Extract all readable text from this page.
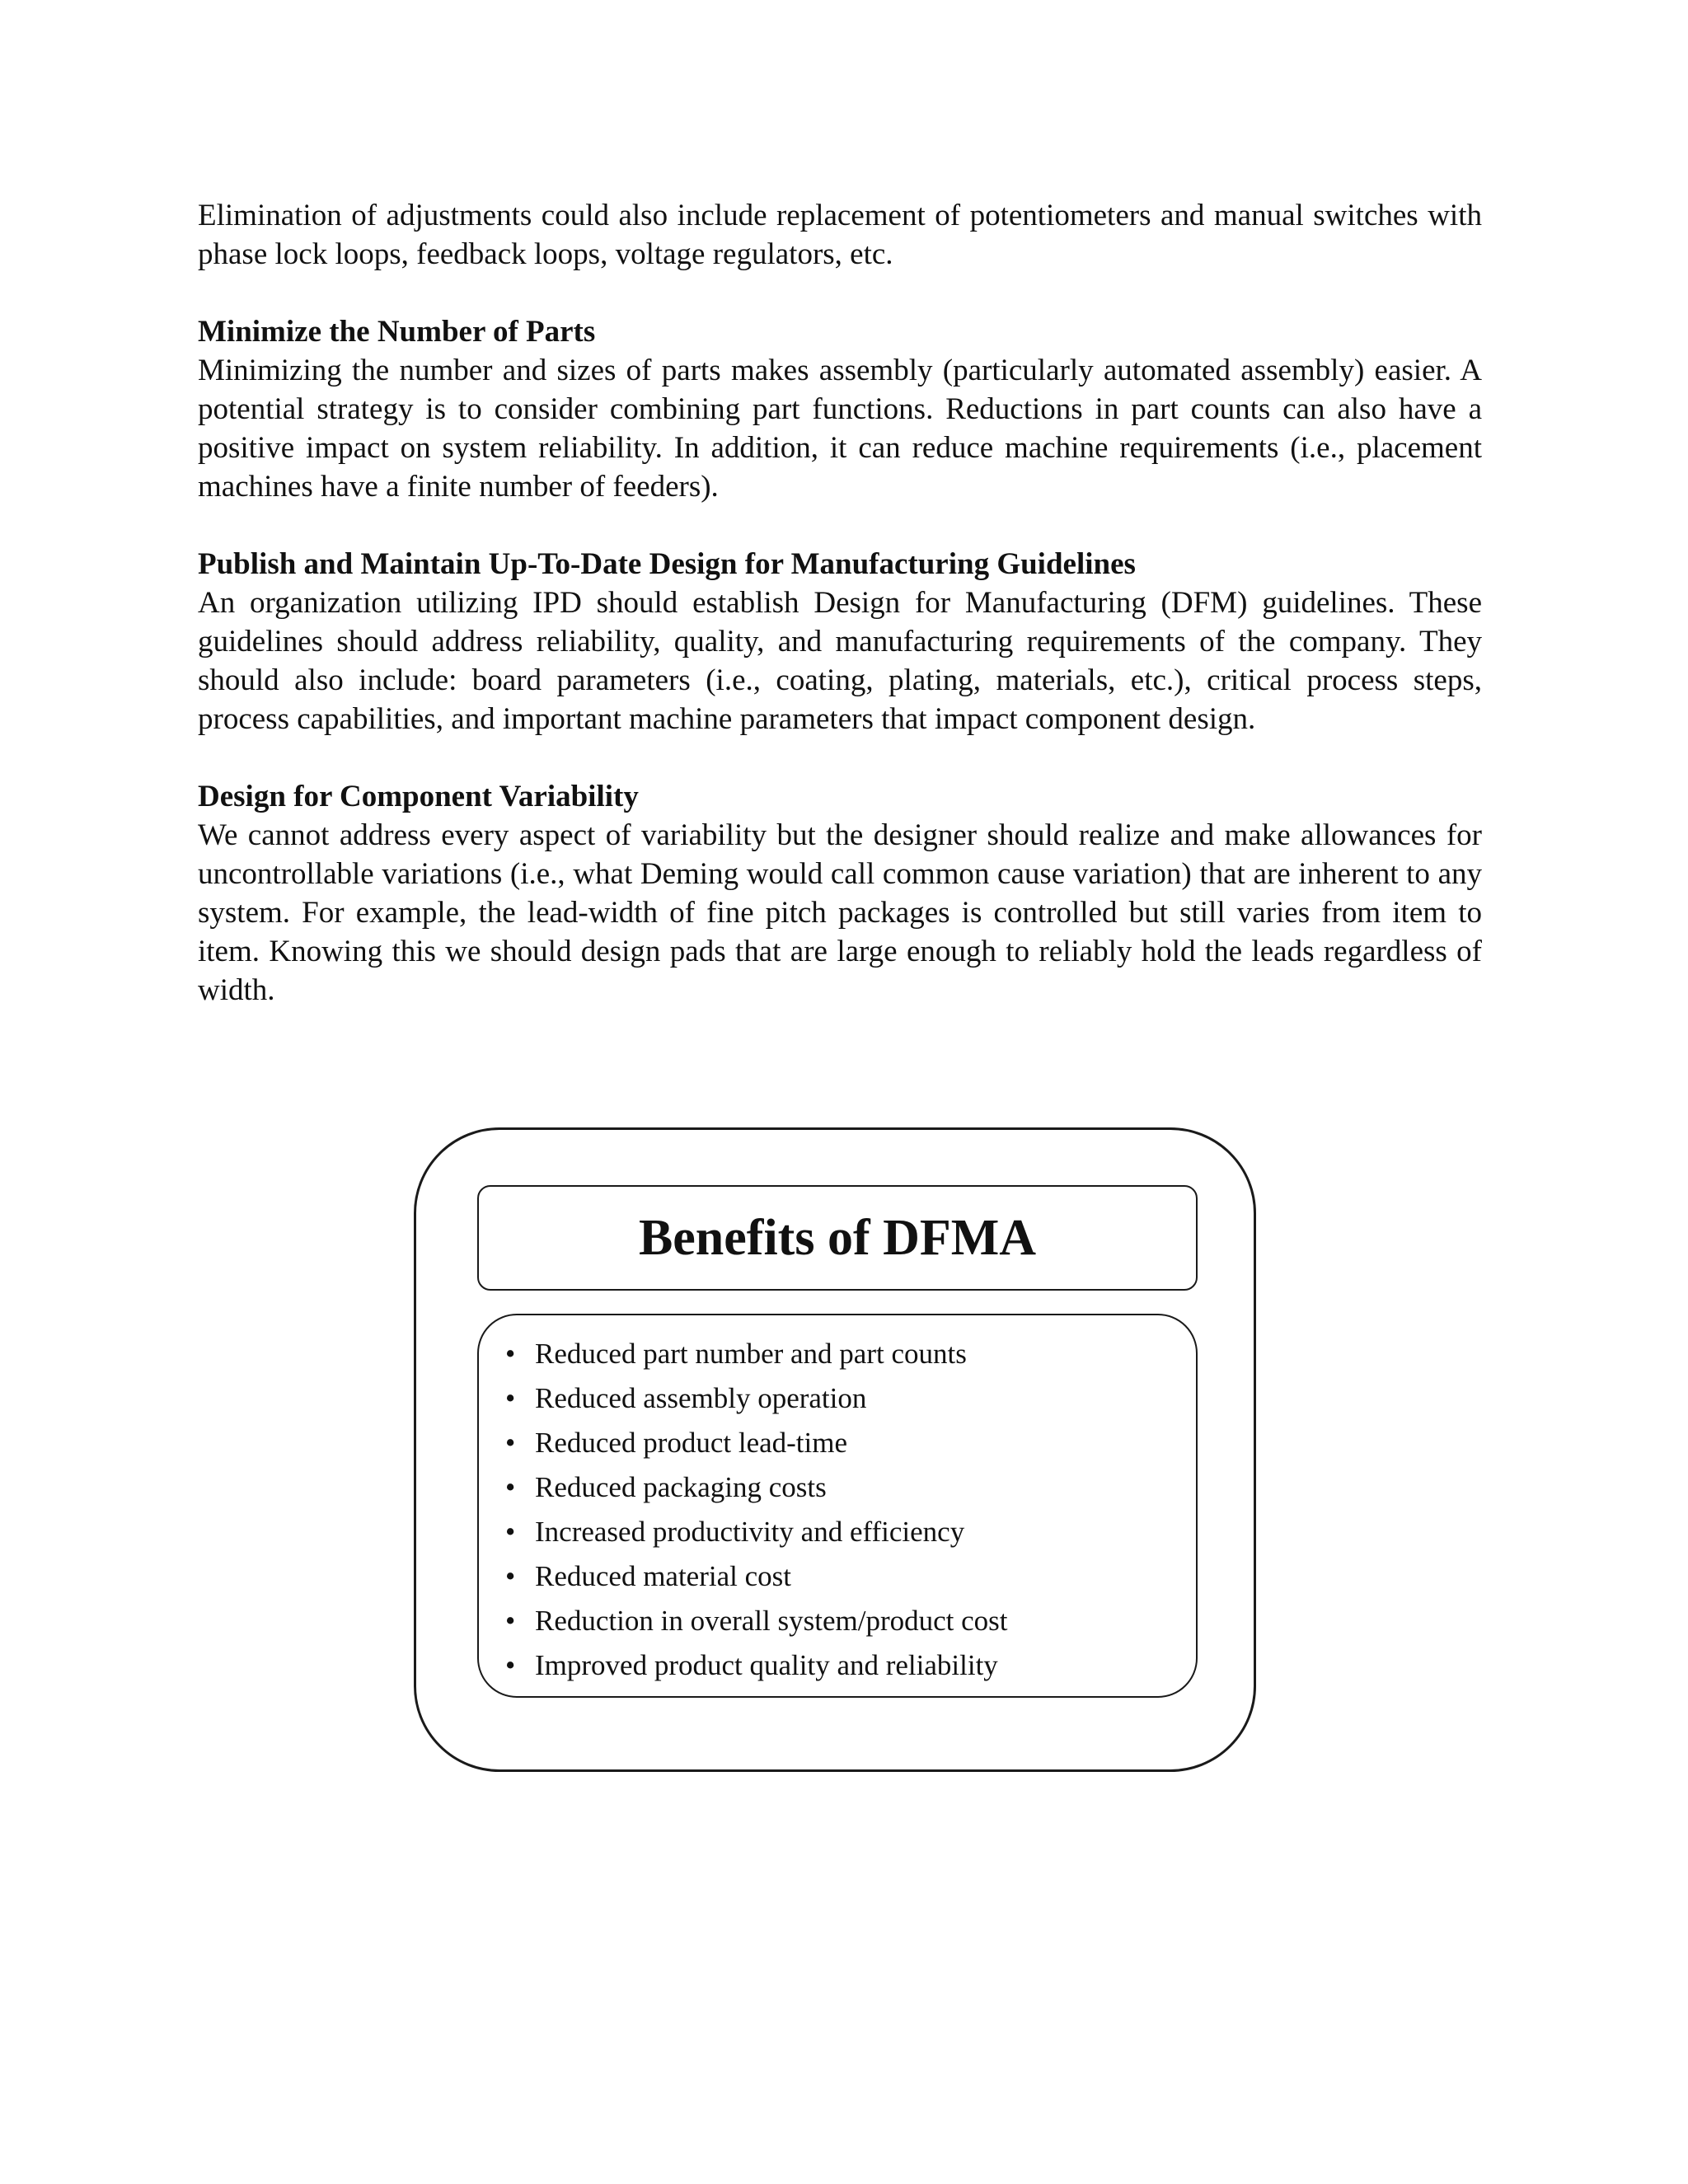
Elimination of adjustments could also include replacement of potentiometers and manual switches with phase lock loops, feedback loops, voltage regulators, etc.

Minimize the Number of Parts
Minimizing the number and sizes of parts makes assembly (particularly automated assembly) easier. A potential strategy is to consider combining part functions. Reductions in part counts can also have a positive impact on system reliability. In addition, it can reduce machine requirements (i.e., placement machines have a finite number of feeders).

Publish and Maintain Up-To-Date Design for Manufacturing Guidelines
An organization utilizing IPD should establish Design for Manufacturing (DFM) guidelines. These guidelines should address reliability, quality, and manufacturing requirements of the company. They should also include: board parameters (i.e., coating, plating, materials, etc.), critical process steps, process capabilities, and important machine parameters that impact component design.

Design for Component Variability
We cannot address every aspect of variability but the designer should realize and make allowances for uncontrollable variations (i.e., what Deming would call common cause variation) that are inherent to any system. For example, the lead-width of fine pitch packages is controlled but still varies from item to item. Knowing this we should design pads that are large enough to reliably hold the leads regardless of width.

Benefits of DFMA
• Reduced part number and part counts
• Reduced assembly operation
• Reduced product lead-time
• Reduced packaging costs
• Increased productivity and efficiency
• Reduced material cost
• Reduction in overall system/product cost
• Improved product quality and reliability
